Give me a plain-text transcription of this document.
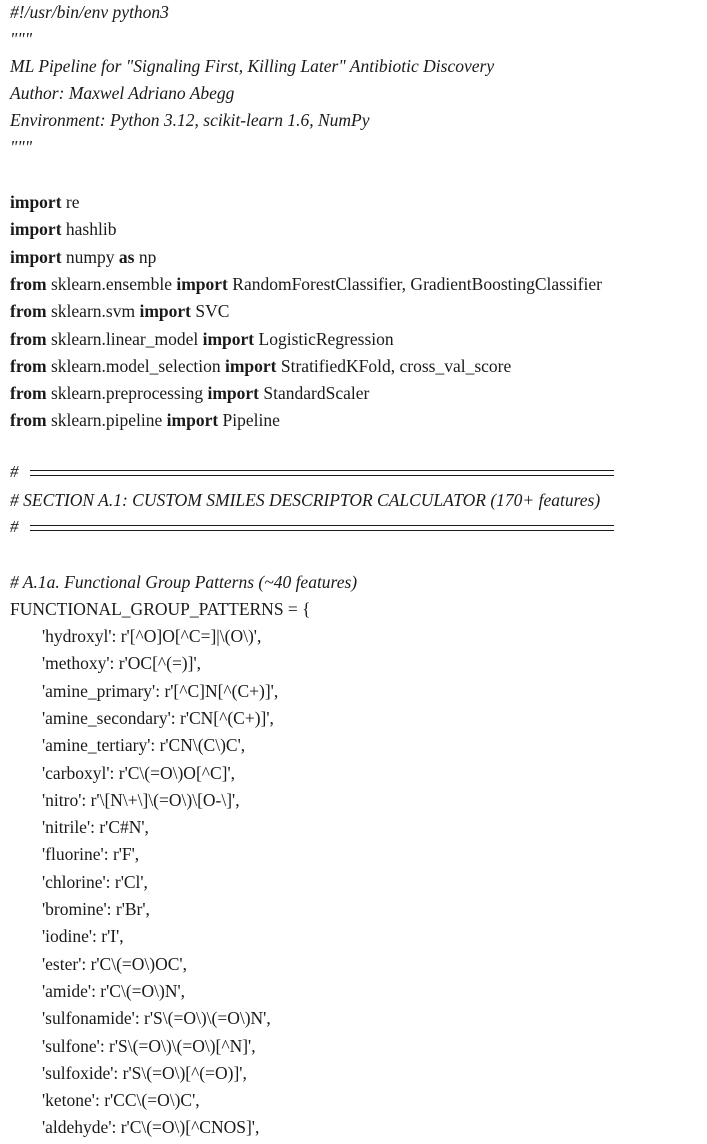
#!/usr/bin/env python3
"""
ML Pipeline for "Signaling First, Killing Later" Antibiotic Discovery
Author: Maxwel Adriano Abegg
Environment: Python 3.12, scikit-learn 1.6, NumPy
"""
import re
import hashlib
import numpy as np
from sklearn.ensemble import RandomForestClassifier, GradientBoostingClassifier
from sklearn.svm import SVC
from sklearn.linear_model import LogisticRegression
from sklearn.model_selection import StratifiedKFold, cross_val_score
from sklearn.preprocessing import StandardScaler
from sklearn.pipeline import Pipeline
#
# SECTION A.1: CUSTOM SMILES DESCRIPTOR CALCULATOR (170+ features)
#
# A.1a. Functional Group Patterns (~40 features)
FUNCTIONAL_GROUP_PATTERNS = {
'hydroxyl': r'[^O]O[^C=]|\(O\)',
'methoxy': r'OC[^(=)]',
'amine_primary': r'[^C]N[^(C+)]',
'amine_secondary': r'CN[^(C+)]',
'amine_tertiary': r'CN\(C\)C',
'carboxyl': r'C\(=O\)O[^C]',
'nitro': r'\[N\+\]\(=O\)\[O-\]',
'nitrile': r'C#N',
'fluorine': r'F',
'chlorine': r'Cl',
'bromine': r'Br',
'iodine': r'I',
'ester': r'C\(=O\)OC',
'amide': r'C\(=O\)N',
'sulfonamide': r'S\(=O\)\(=O\)N',
'sulfone': r'S\(=O\)\(=O\)[^N]',
'sulfoxide': r'S\(=O\)[^(=O)]',
'ketone': r'CC\(=O\)C',
'aldehyde': r'C\(=O\)[^CNOS]',
